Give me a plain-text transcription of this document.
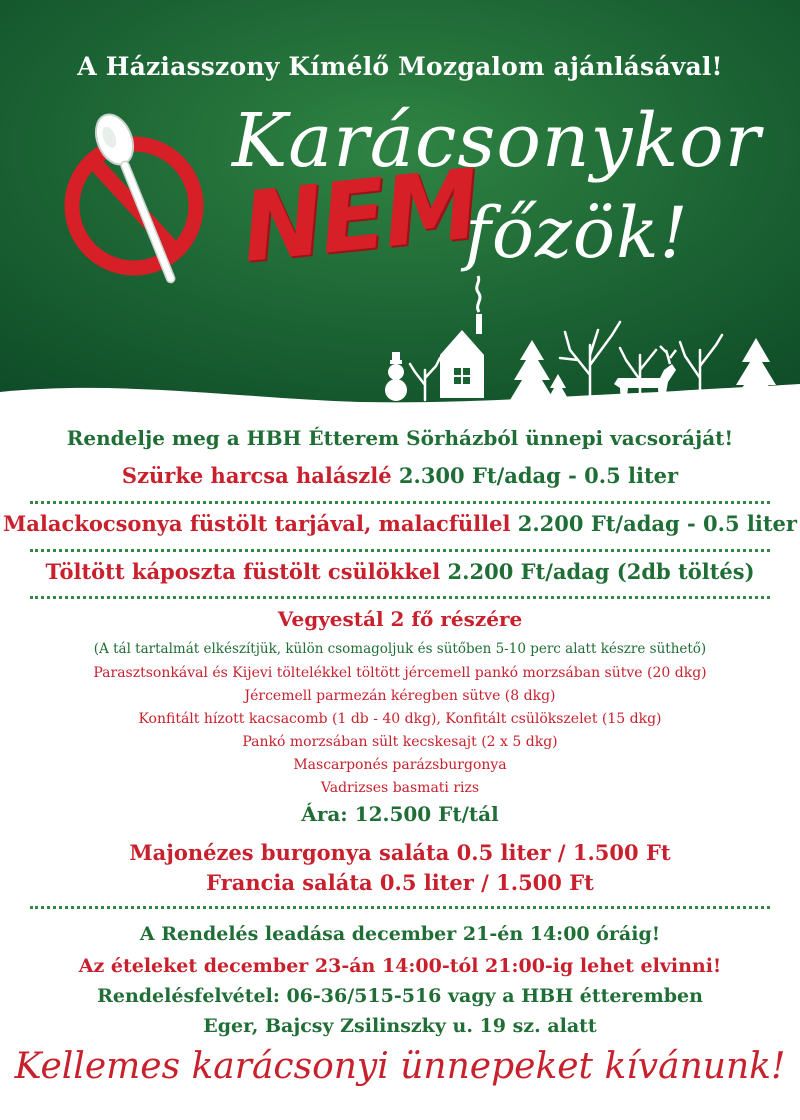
A Háziasszony Kímélő Mozgalom ajánlásával!
Karácsonykor
főzök!
NEM
Rendelje meg a HBH Étterem Sörházból ünnepi vacsoráját!
Szürke harcsa halászlé 2.300 Ft/adag - 0.5 liter
Malackocsonya füstölt tarjával, malacfüllel 2.200 Ft/adag - 0.5 liter
Töltött káposzta füstölt csülökkel 2.200 Ft/adag (2db töltés)
Vegyestál 2 fő részére
(A tál tartalmát elkészítjük, külön csomagoljuk és sütőben 5-10 perc alatt készre süthető)
Parasztsonkával és Kijevi töltelékkel töltött jércemell pankó morzsában sütve (20 dkg)
Jércemell parmezán kéregben sütve (8 dkg)
Konfitált hízott kacsacomb (1 db - 40 dkg), Konfitált csülökszelet (15 dkg)
Pankó morzsában sült kecskesajt (2 x 5 dkg)
Mascarponés parázsburgonya
Vadrizses basmati rizs
Ára: 12.500 Ft/tál
Majonézes burgonya saláta 0.5 liter / 1.500 Ft
Francia saláta 0.5 liter / 1.500 Ft
A Rendelés leadása december 21-én 14:00 óráig!
Az ételeket december 23-án 14:00-tól 21:00-ig lehet elvinni!
Rendelésfelvétel: 06-36/515-516 vagy a HBH étteremben
Eger, Bajcsy Zsilinszky u. 19 sz. alatt
Kellemes karácsonyi ünnepeket kívánunk!
